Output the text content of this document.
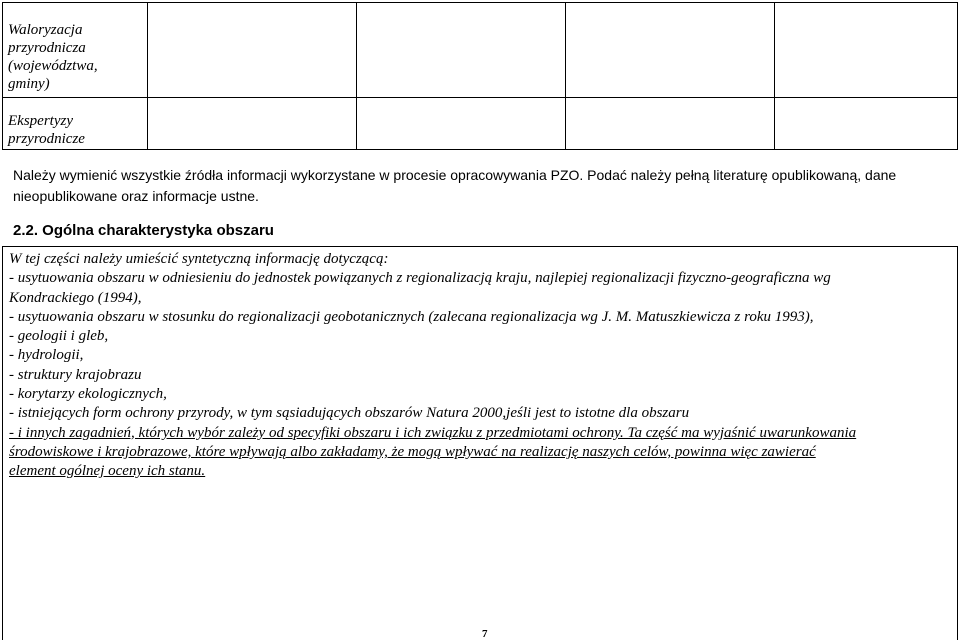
Waloryzacja
przyrodnicza
(województwa,
gminy)
Ekspertyzy
przyrodnicze
Należy wymienić wszystkie źródła informacji wykorzystane w procesie opracowywania PZO. Podać należy pełną literaturę opublikowaną, dane
nieopublikowane oraz informacje ustne.
2.2. Ogólna charakterystyka obszaru
W tej części należy umieścić syntetyczną informację dotyczącą:
- usytuowania obszaru w odniesieniu do jednostek powiązanych z regionalizacją kraju, najlepiej regionalizacji fizyczno-geograficzna wg
Kondrackiego (1994),
- usytuowania obszaru w stosunku do regionalizacji geobotanicznych (zalecana regionalizacja wg J. M. Matuszkiewicza z roku 1993),
- geologii i gleb,
- hydrologii,
- struktury krajobrazu
- korytarzy ekologicznych,
- istniejących form ochrony przyrody, w tym sąsiadujących obszarów Natura 2000,jeśli jest to istotne dla obszaru
- i innych zagadnień, których wybór zależy od specyfiki obszaru i ich związku z przedmiotami ochrony. Ta część ma wyjaśnić uwarunkowania
środowiskowe i krajobrazowe, które wpływają albo zakładamy, że mogą wpływać na realizację naszych celów, powinna więc zawierać
element ogólnej oceny ich stanu.
7
